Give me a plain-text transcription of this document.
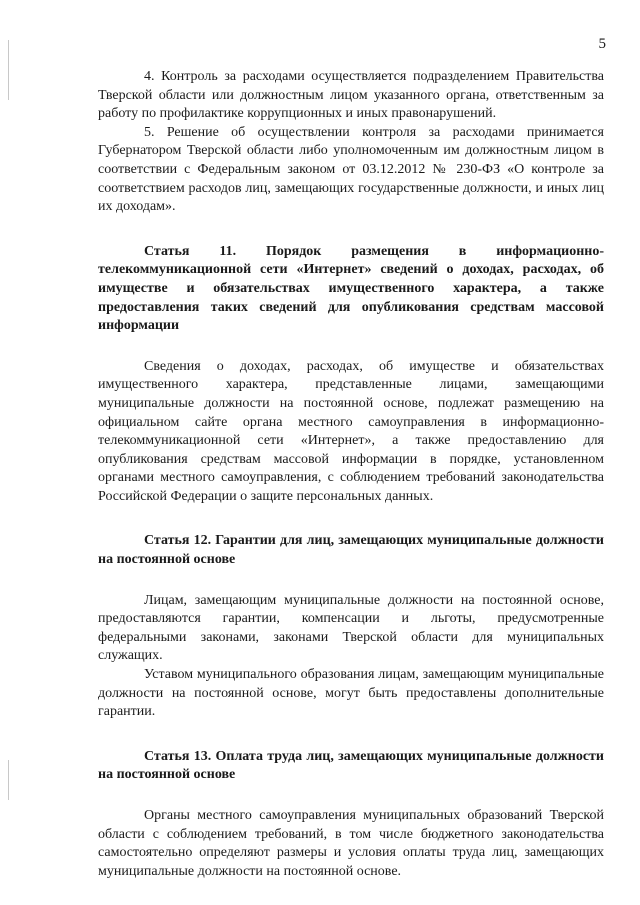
5

4. Контроль за расходами осуществляется подразделением Правительства Тверской области или должностным лицом указанного органа, ответственным за работу по профилактике коррупционных и иных правонарушений.

5. Решение об осуществлении контроля за расходами принимается Губернатором Тверской области либо уполномоченным им должностным лицом в соответствии с Федеральным законом от 03.12.2012 № 230-ФЗ «О контроле за соответствием расходов лиц, замещающих государственные должности, и иных лиц их доходам».

Статья 11. Порядок размещения в информационно-телекоммуникационной сети «Интернет» сведений о доходах, расходах, об имуществе и обязательствах имущественного характера, а также предоставления таких сведений для опубликования средствам массовой информации

Сведения о доходах, расходах, об имуществе и обязательствах имущественного характера, представленные лицами, замещающими муниципальные должности на постоянной основе, подлежат размещению на официальном сайте органа местного самоуправления в информационно-телекоммуникационной сети «Интернет», а также предоставлению для опубликования средствам массовой информации в порядке, установленном органами местного самоуправления, с соблюдением требований законодательства Российской Федерации о защите персональных данных.

Статья 12. Гарантии для лиц, замещающих муниципальные должности на постоянной основе

Лицам, замещающим муниципальные должности на постоянной основе, предоставляются гарантии, компенсации и льготы, предусмотренные федеральными законами, законами Тверской области для муниципальных служащих.

Уставом муниципального образования лицам, замещающим муниципальные должности на постоянной основе, могут быть предоставлены дополнительные гарантии.

Статья 13. Оплата труда лиц, замещающих муниципальные должности на постоянной основе

Органы местного самоуправления муниципальных образований Тверской области с соблюдением требований, в том числе бюджетного законодательства самостоятельно определяют размеры и условия оплаты труда лиц, замещающих муниципальные должности на постоянной основе.
